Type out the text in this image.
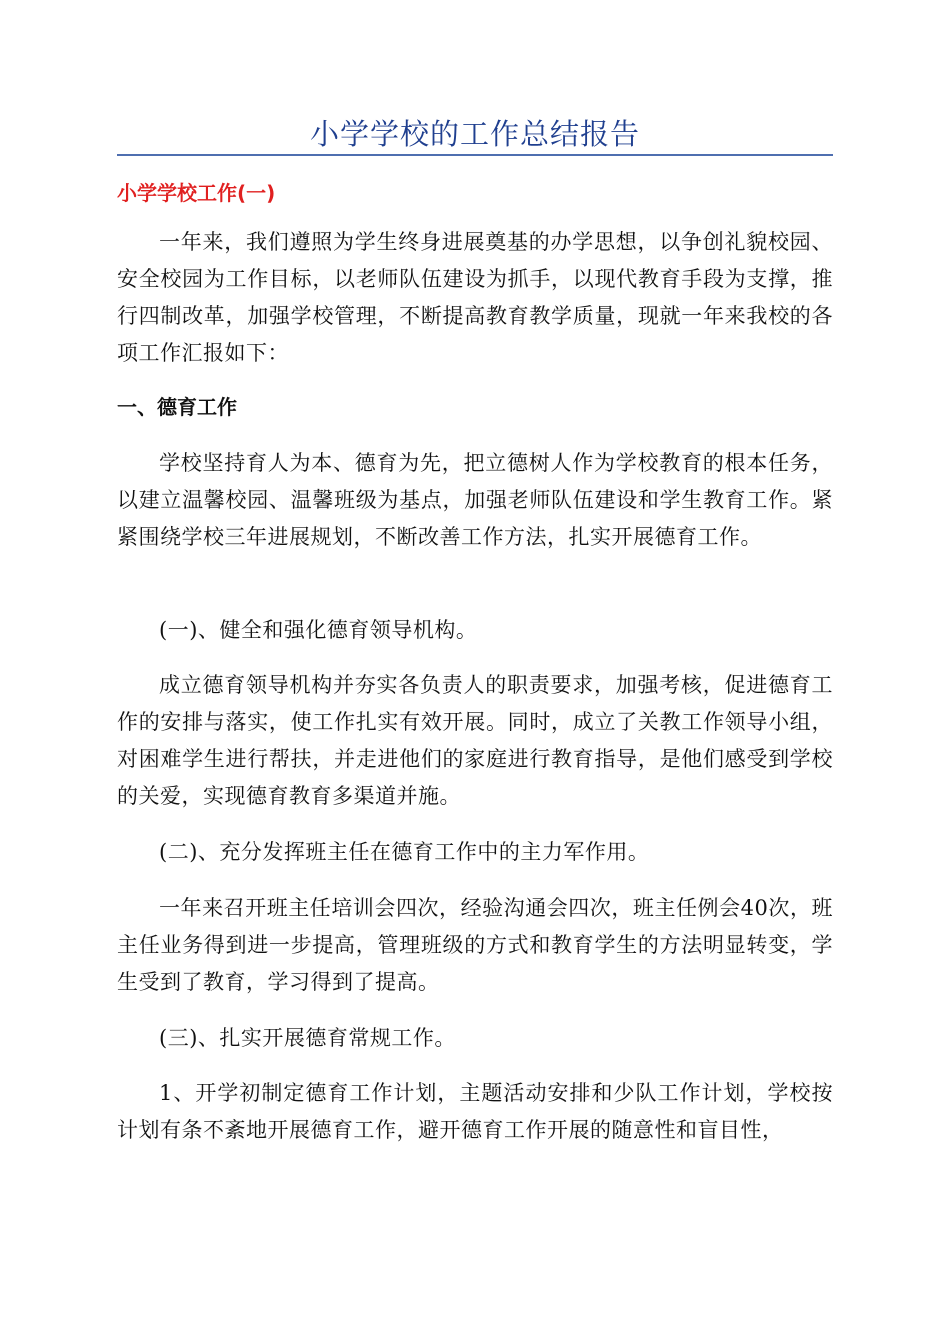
小学学校的工作总结报告
小学学校工作(一)

一年来，我们遵照为学生终身进展奠基的办学思想，以争创礼貌校园、安全校园为工作目标，以老师队伍建设为抓手，以现代教育手段为支撑，推行四制改革，加强学校管理，不断提高教育教学质量，现就一年来我校的各项工作汇报如下：

一、德育工作

学校坚持育人为本、德育为先，把立德树人作为学校教育的根本任务，以建立温馨校园、温馨班级为基点，加强老师队伍建设和学生教育工作。紧紧围绕学校三年进展规划，不断改善工作方法，扎实开展德育工作。

(一)、健全和强化德育领导机构。

成立德育领导机构并夯实各负责人的职责要求，加强考核，促进德育工作的安排与落实，使工作扎实有效开展。同时，成立了关教工作领导小组，对困难学生进行帮扶，并走进他们的家庭进行教育指导，是他们感受到学校的关爱，实现德育教育多渠道并施。

(二)、充分发挥班主任在德育工作中的主力军作用。

一年来召开班主任培训会四次，经验沟通会四次，班主任例会40次，班主任业务得到进一步提高，管理班级的方式和教育学生的方法明显转变，学生受到了教育，学习得到了提高。

(三)、扎实开展德育常规工作。

1、开学初制定德育工作计划，主题活动安排和少队工作计划，学校按计划有条不紊地开展德育工作，避开德育工作开展的随意性和盲目性，
